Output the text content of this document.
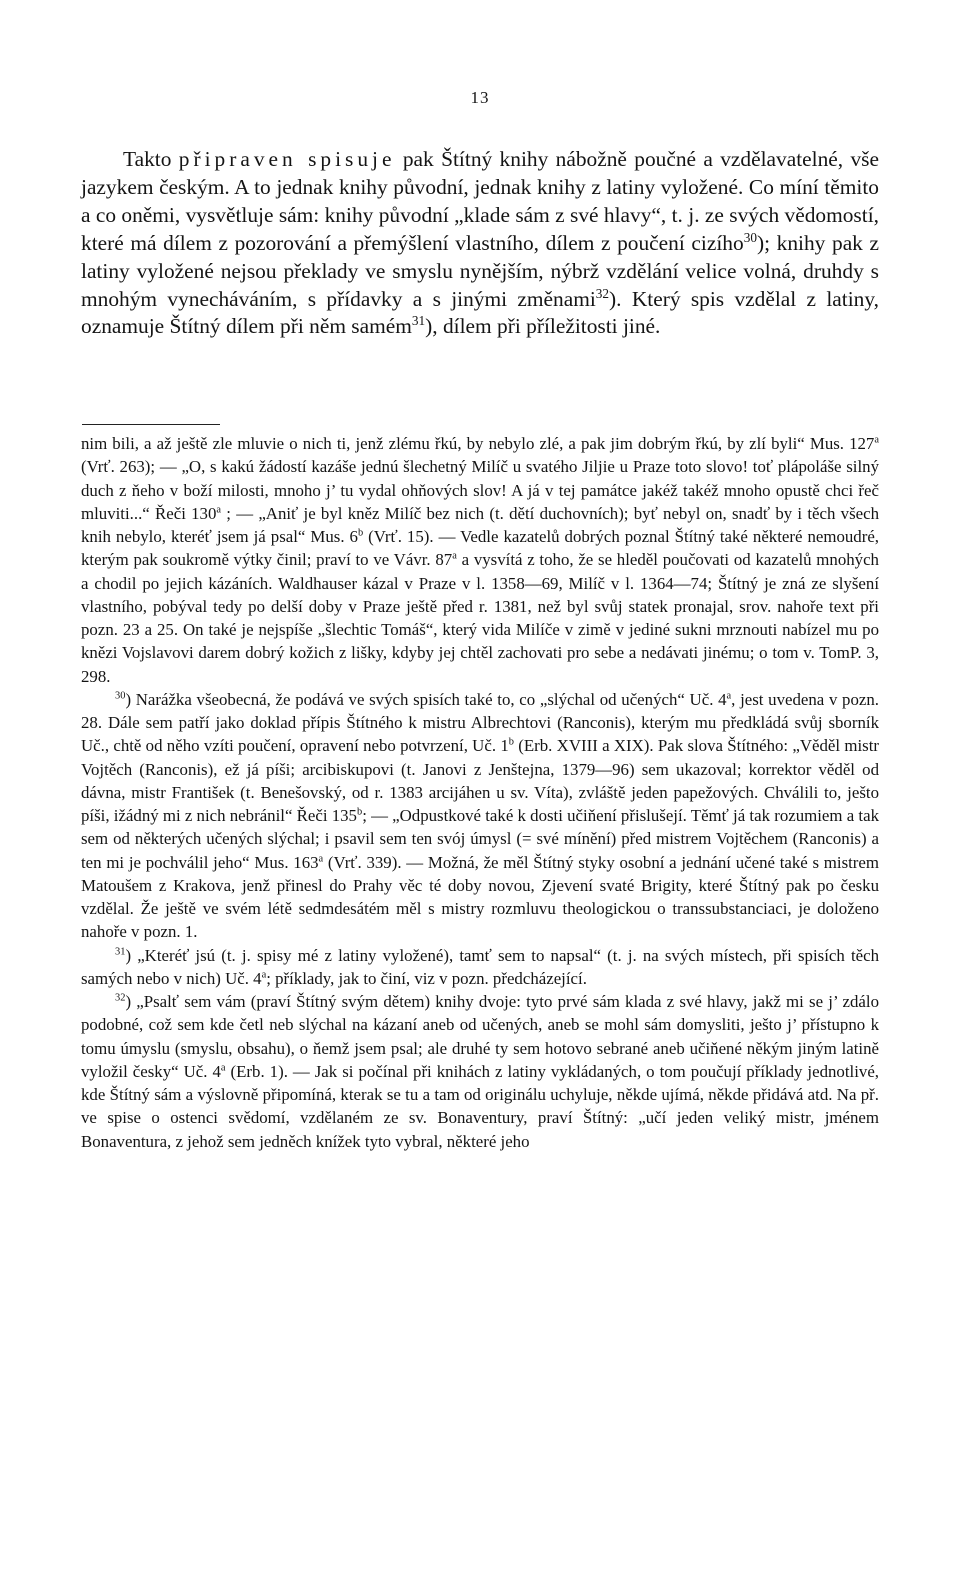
13

Takto připraven spisuje pak Štítný knihy nábožně poučné a vzdělavatelné, vše jazykem českým. A to jednak knihy původní, jednak knihy z latiny vyložené. Co míní těmito a co oněmi, vysvětluje sám: knihy původní „klade sám z své hlavy“, t. j. ze svých vědomostí, které má dílem z pozorování a přemýšlení vlastního, dílem z poučení cizího$^{30}$); knihy pak z latiny vyložené nejsou překlady ve smyslu nynějším, nýbrž vzdělání velice volná, druhdy s mnohým vynecháváním, s přídavky a s jinými změnami$^{32}$). Který spis vzdělal z latiny, oznamuje Štítný dílem při něm samém$^{31}$), dílem při příležitosti jiné.

nim bili, a až ještě zle mluvie o nich ti, jenž zlému řkú, by nebylo zlé, a pak jim dobrým řkú, by zlí byli“ Mus. 127$^a$ (Vrť. 263); — „O, s kakú žádostí kazáše jednú šlechetný Milíč u svatého Jiljie u Praze toto slovo! toť plápoláše silný duch z ňeho v boží milosti, mnoho j’ tu vydal ohňových slov! A já v tej památce jakéž takéž mnoho opustě chci řeč mluviti...“ Řeči 130$^a$ ; — „Aniť je byl kněz Milíč bez nich (t. dětí duchovních); byť nebyl on, snadť by i těch všech knih nebylo, kteréť jsem já psal“ Mus. 6$^b$ (Vrť. 15). — Vedle kazatelů dobrých poznal Štítný také některé nemoudré, kterým pak soukromě výtky činil; praví to ve Vávr. 87$^a$ a vysvítá z toho, že se hleděl poučovati od kazatelů mnohých a chodil po jejich kázáních. Waldhauser kázal v Praze v l. 1358—69, Milíč v l. 1364—74; Štítný je zná ze slyšení vlastního, pobýval tedy po delší doby v Praze ještě před r. 1381, než byl svůj statek pronajal, srov. nahoře text při pozn. 23 a 25. On také je nejspíše „šlechtic Tomáš“, který vida Milíče v zimě v jediné sukni mrznouti nabízel mu po knězi Vojslavovi darem dobrý kožich z lišky, kdyby jej chtěl zachovati pro sebe a nedávati jinému; o tom v. TomP. 3, 298.

$^{30}$) Narážka všeobecná, že podává ve svých spisích také to, co „slýchal od učených“ Uč. 4$^a$, jest uvedena v pozn. 28. Dále sem patří jako doklad přípis Štítného k mistru Albrechtovi (Ranconis), kterým mu předkládá svůj sborník Uč., chtě od něho vzíti poučení, opravení nebo potvrzení, Uč. 1$^b$ (Erb. XVIII a XIX). Pak slova Štítného: „Věděl mistr Vojtěch (Ranconis), ež já píši; arcibiskupovi (t. Janovi z Jenštejna, 1379—96) sem ukazoval; korrektor věděl od dávna, mistr František (t. Benešovský, od r. 1383 arcijáhen u sv. Víta), zvláště jeden papežových. Chválili to, ješto píši, ižádný mi z nich nebránil“ Řeči 135$^b$; — „Odpustkové také k dosti učiňení přislušejí. Těmť já tak rozumiem a tak sem od některých učených slýchal; i psavil sem ten svój úmysl (= své mínění) před mistrem Vojtěchem (Ranconis) a ten mi je pochválil jeho“ Mus. 163$^a$ (Vrť. 339). — Možná, že měl Štítný styky osobní a jednání učené také s mistrem Matoušem z Krakova, jenž přinesl do Prahy věc té doby novou, Zjevení svaté Brigity, které Štítný pak po česku vzdělal. Že ještě ve svém létě sedmdesátém měl s mistry rozmluvu theologickou o transsubstanciaci, je doloženo nahoře v pozn. 1.

$^{31}$) „Kteréť jsú (t. j. spisy mé z latiny vyložené), tamť sem to napsal“ (t. j. na svých místech, při spisích těch samých nebo v nich) Uč. 4$^a$; příklady, jak to činí, viz v pozn. předcházející.

$^{32}$) „Psalť sem vám (praví Štítný svým dětem) knihy dvoje: tyto prvé sám klada z své hlavy, jakž mi se j’ zdálo podobné, což sem kde četl neb slýchal na kázaní aneb od učených, aneb se mohl sám domysliti, ješto j’ přístupno k tomu úmyslu (smyslu, obsahu), o ňemž jsem psal; ale druhé ty sem hotovo sebrané aneb učiňené někým jiným latině vyložil česky“ Uč. 4$^a$ (Erb. 1). — Jak si počínal při knihách z latiny vykládaných, o tom poučují příklady jednotlivé, kde Štítný sám a výslovně připomíná, kterak se tu a tam od originálu uchyluje, někde ujímá, někde přidává atd. Na př. ve spise o ostenci svědomí, vzdělaném ze sv. Bonaventury, praví Štítný: „učí jeden veliký mistr, jménem Bonaventura, z jehož sem jedněch knížek tyto vybral, některé jeho
